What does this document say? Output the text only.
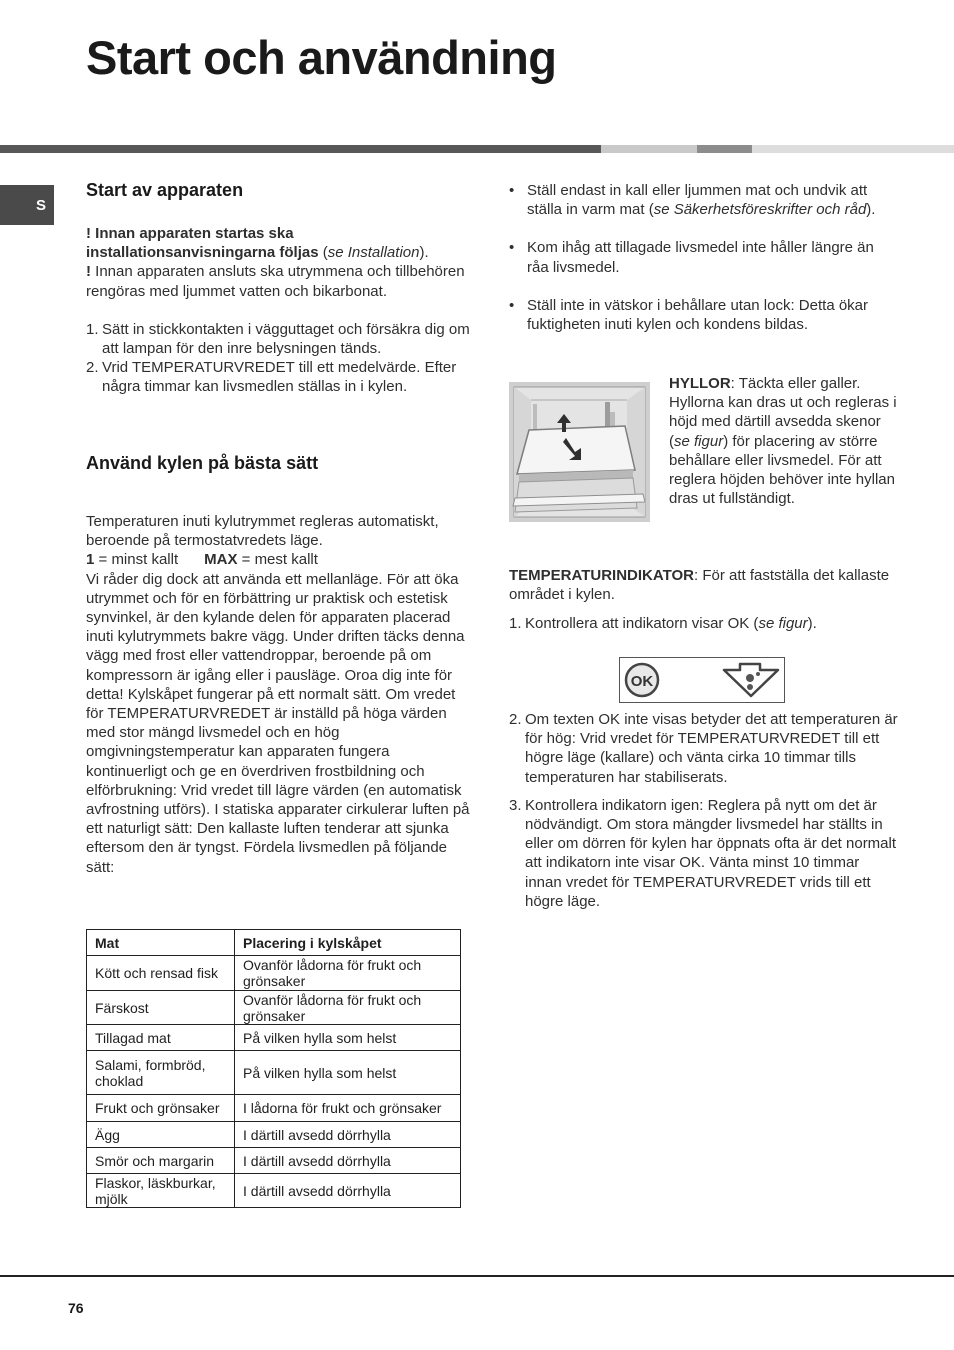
Start och användning
S
Start av apparaten

! Innan apparaten startas ska installationsanvisningarna följas (se Installation).

! Innan apparaten ansluts ska utrymmena och tillbehören rengöras med ljummet vatten och bikarbonat.

1. Sätt in stickkontakten i vägguttaget och försäkra dig om att lampan för den inre belysningen tänds.
2. Vrid TEMPERATURVREDET till ett medelvärde. Efter några timmar kan livsmedlen ställas in i kylen.
Använd kylen på bästa sätt

Temperaturen inuti kylutrymmet regleras automatiskt, beroende på termostatvredets läge.

1 = minst kallt MAX = mest kallt

Vi råder dig dock att använda ett mellanläge. För att öka utrymmet och för en förbättring ur praktisk och estetisk synvinkel, är den kylande delen för apparaten placerad inuti kylutrymmets bakre vägg. Under driften täcks denna vägg med frost eller vattendroppar, beroende på om kompressorn är igång eller i pausläge. Oroa dig inte för detta! Kylskåpet fungerar på ett normalt sätt. Om vredet för TEMPERATURVREDET är inställd på höga värden med stor mängd livsmedel och en hög omgivningstemperatur kan apparaten fungera kontinuerligt och ge en överdriven frostbildning och elförbrukning: Vrid vredet till lägre värden (en automatisk avfrostning utförs). I statiska apparater cirkulerar luften på ett naturligt sätt: Den kallaste luften tenderar att sjunka eftersom den är tyngst. Fördela livsmedlen på följande sätt:

Mat	Placering i kylskåpet
Kött och rensad fisk	Ovanför lådorna för frukt och grönsaker
Färskost	Ovanför lådorna för frukt och grönsaker
Tillagad mat	På vilken hylla som helst
Salami, formbröd, choklad	På vilken hylla som helst
Frukt och grönsaker	I lådorna för frukt och grönsaker
Ägg	I därtill avsedd dörrhylla
Smör och margarin	I därtill avsedd dörrhylla
Flaskor, läskburkar, mjölk	I därtill avsedd dörrhylla
• Ställ endast in kall eller ljummen mat och undvik att ställa in varm mat (se Säkerhetsföreskrifter och råd).
• Kom ihåg att tillagade livsmedel inte håller längre än råa livsmedel.
• Ställ inte in vätskor i behållare utan lock: Detta ökar fuktigheten inuti kylen och kondens bildas.
HYLLOR: Täckta eller galler. Hyllorna kan dras ut och regleras i höjd med därtill avsedda skenor (se figur) för placering av större behållare eller livsmedel. För att reglera höjden behöver inte hyllan dras ut fullständigt.
TEMPERATURINDIKATOR: För att fastställa det kallaste området i kylen.
1. Kontrollera att indikatorn visar OK (se figur).
OK
2. Om texten OK inte visas betyder det att temperaturen är för hög: Vrid vredet för TEMPERATURVREDET till ett högre läge (kallare) och vänta cirka 10 timmar tills temperaturen har stabiliserats.
3. Kontrollera indikatorn igen: Reglera på nytt om det är nödvändigt. Om stora mängder livsmedel har ställts in eller om dörren för kylen har öppnats ofta är det normalt att indikatorn inte visar OK. Vänta minst 10 timmar innan vredet för TEMPERATURVREDET vrids till ett högre läge.
76
